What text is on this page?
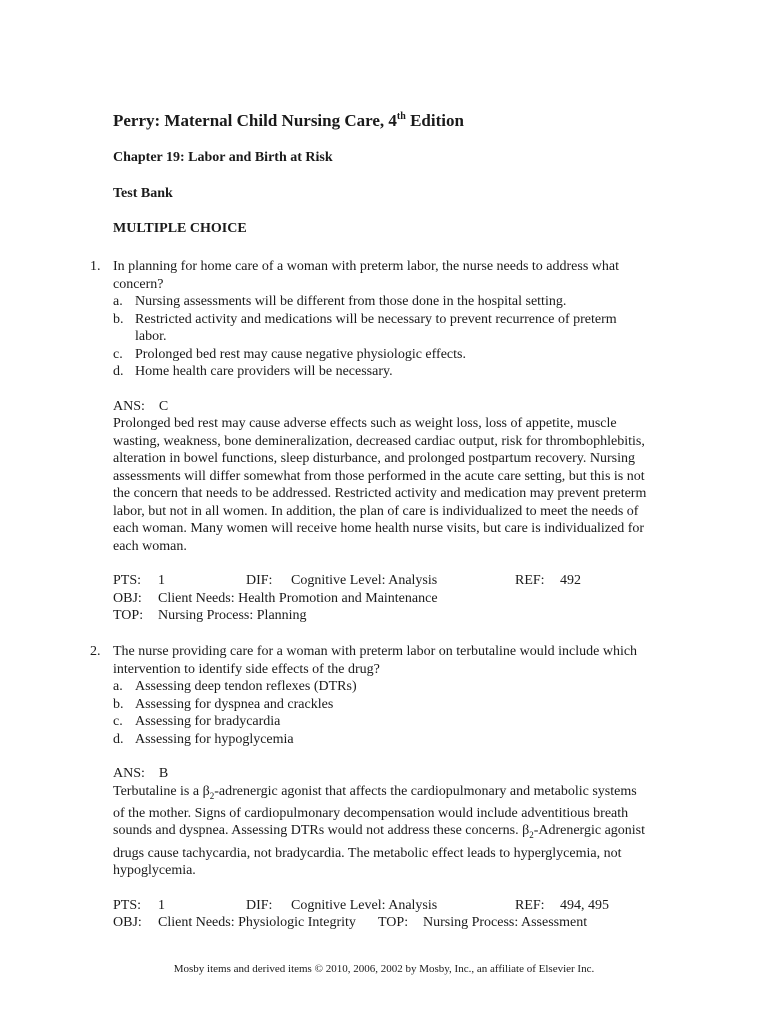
Perry: Maternal Child Nursing Care, 4th Edition
Chapter 19: Labor and Birth at Risk
Test Bank
MULTIPLE CHOICE
1. In planning for home care of a woman with preterm labor, the nurse needs to address what concern?
a. Nursing assessments will be different from those done in the hospital setting.
b. Restricted activity and medications will be necessary to prevent recurrence of preterm labor.
c. Prolonged bed rest may cause negative physiologic effects.
d. Home health care providers will be necessary.
ANS: C
Prolonged bed rest may cause adverse effects such as weight loss, loss of appetite, muscle wasting, weakness, bone demineralization, decreased cardiac output, risk for thrombophlebitis, alteration in bowel functions, sleep disturbance, and prolonged postpartum recovery. Nursing assessments will differ somewhat from those performed in the acute care setting, but this is not the concern that needs to be addressed. Restricted activity and medication may prevent preterm labor, but not in all women. In addition, the plan of care is individualized to meet the needs of each woman. Many women will receive home health nurse visits, but care is individualized for each woman.
PTS: 1	DIF: Cognitive Level: Analysis	REF: 492
OBJ: Client Needs: Health Promotion and Maintenance
TOP: Nursing Process: Planning
2. The nurse providing care for a woman with preterm labor on terbutaline would include which intervention to identify side effects of the drug?
a. Assessing deep tendon reflexes (DTRs)
b. Assessing for dyspnea and crackles
c. Assessing for bradycardia
d. Assessing for hypoglycemia
ANS: B
Terbutaline is a $\beta_2$-adrenergic agonist that affects the cardiopulmonary and metabolic systems of the mother. Signs of cardiopulmonary decompensation would include adventitious breath sounds and dyspnea. Assessing DTRs would not address these concerns. $\beta_2$-Adrenergic agonist drugs cause tachycardia, not bradycardia. The metabolic effect leads to hyperglycemia, not hypoglycemia.
PTS: 1	DIF: Cognitive Level: Analysis	REF: 494, 495
OBJ: Client Needs: Physiologic Integrity TOP: Nursing Process: Assessment
Mosby items and derived items © 2010, 2006, 2002 by Mosby, Inc., an affiliate of Elsevier Inc.
